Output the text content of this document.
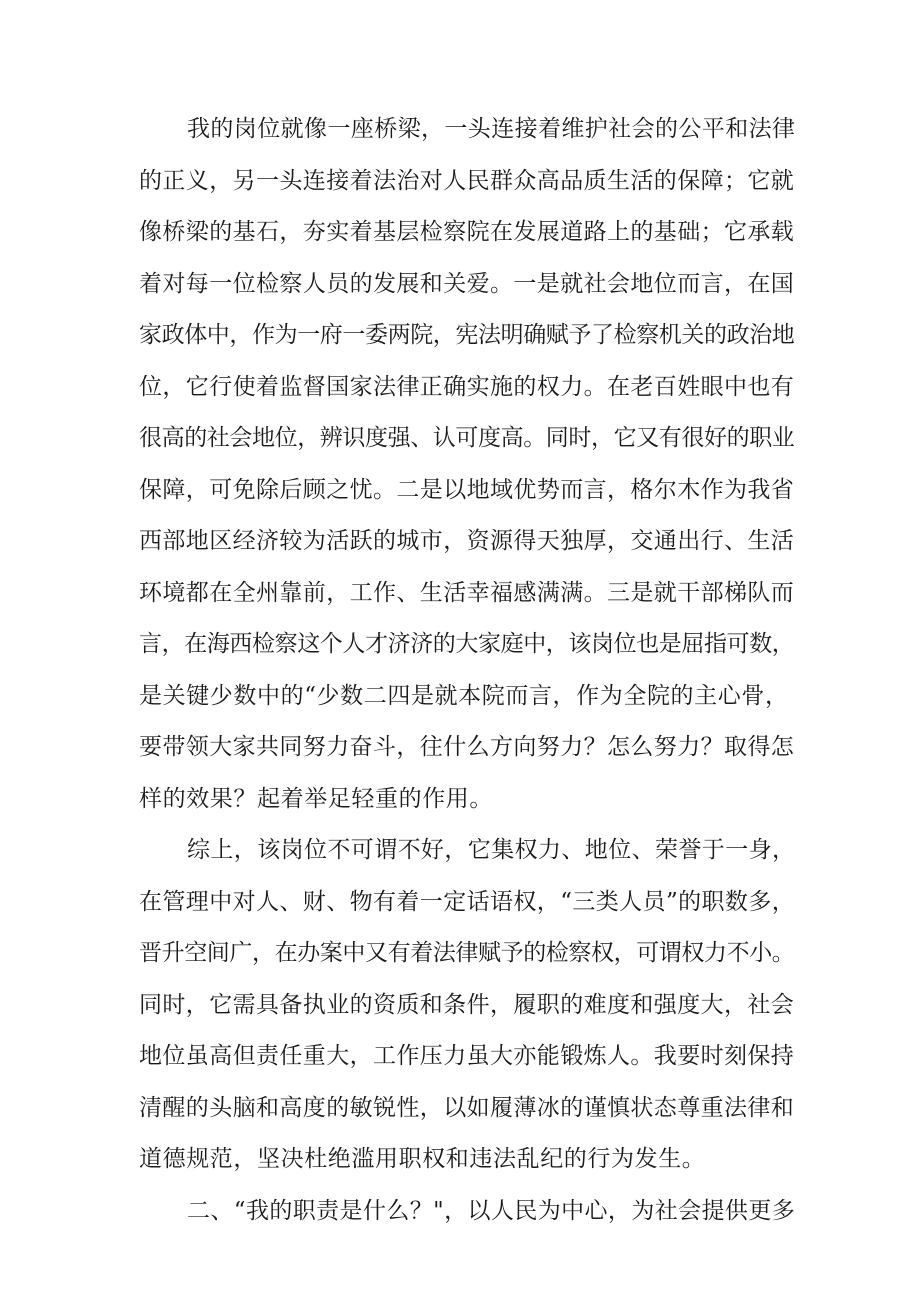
我的岗位就像一座桥梁，一头连接着维护社会的公平和法律
的正义，另一头连接着法治对人民群众高品质生活的保障；它就
像桥梁的基石，夯实着基层检察院在发展道路上的基础；它承载
着对每一位检察人员的发展和关爱。一是就社会地位而言，在国
家政体中，作为一府一委两院，宪法明确赋予了检察机关的政治地
位，它行使着监督国家法律正确实施的权力。在老百姓眼中也有
很高的社会地位，辨识度强、认可度高。同时，它又有很好的职业
保障，可免除后顾之忧。二是以地域优势而言，格尔木作为我省
西部地区经济较为活跃的城市，资源得天独厚，交通出行、生活
环境都在全州靠前，工作、生活幸福感满满。三是就干部梯队而
言，在海西检察这个人才济济的大家庭中，该岗位也是屈指可数，
是关键少数中的“少数二四是就本院而言，作为全院的主心骨，
要带领大家共同努力奋斗，往什么方向努力？怎么努力？取得怎
样的效果？起着举足轻重的作用。
综上，该岗位不可谓不好，它集权力、地位、荣誉于一身，
在管理中对人、财、物有着一定话语权，“三类人员”的职数多，
晋升空间广，在办案中又有着法律赋予的检察权，可谓权力不小。
同时，它需具备执业的资质和条件，履职的难度和强度大，社会
地位虽高但责任重大，工作压力虽大亦能锻炼人。我要时刻保持
清醒的头脑和高度的敏锐性，以如履薄冰的谨慎状态尊重法律和
道德规范，坚决杜绝滥用职权和违法乱纪的行为发生。
二、“我的职责是什么？"，以人民为中心，为社会提供更多
